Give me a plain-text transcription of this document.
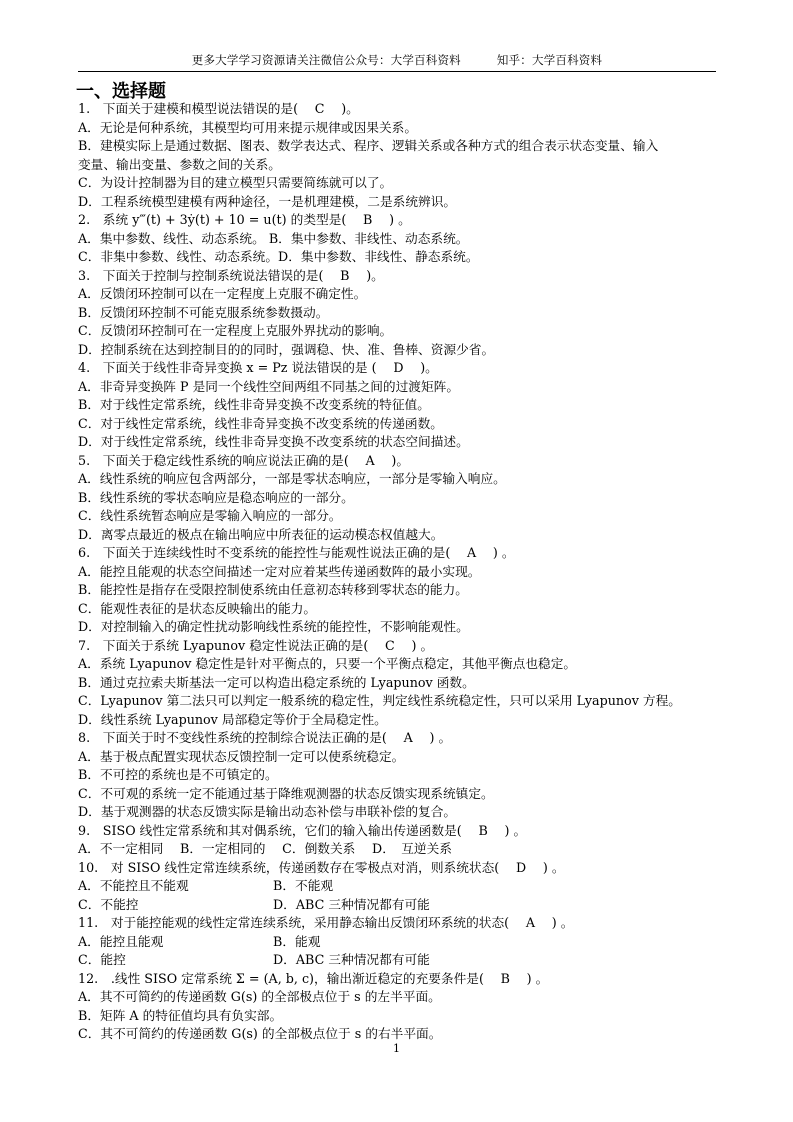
更多大学学习资源请关注微信公众号：大学百科资料	知乎：大学百科资料
一、选择题
1.　下面关于建模和模型说法错误的是(　 C　 )。
A．无论是何种系统，其模型均可用来提示规律或因果关系。
B．建模实际上是通过数据、图表、数学表达式、程序、逻辑关系或各种方式的组合表示状态变量、输入
变量、输出变量、参数之间的关系。
C．为设计控制器为目的建立模型只需要简练就可以了。
D．工程系统模型建模有两种途径，一是机理建模，二是系统辨识。
2.　系统 y‴(t) + 3ẏ(t) + 10 = u(t) 的类型是(　 B　 ) 。
A．集中参数、线性、动态系统。 B．集中参数、非线性、动态系统。
C．非集中参数、线性、动态系统。D．集中参数、非线性、静态系统。
3.　下面关于控制与控制系统说法错误的是(　 B　 )。
A．反馈闭环控制可以在一定程度上克服不确定性。
B．反馈闭环控制不可能克服系统参数摄动。
C．反馈闭环控制可在一定程度上克服外界扰动的影响。
D．控制系统在达到控制目的的同时，强调稳、快、准、鲁棒、资源少省。
4.　下面关于线性非奇异变换 x = Pz 说法错误的是 (　 D　 )。
A．非奇异变换阵 P 是同一个线性空间两组不同基之间的过渡矩阵。
B．对于线性定常系统，线性非奇异变换不改变系统的特征值。
C．对于线性定常系统，线性非奇异变换不改变系统的传递函数。
D．对于线性定常系统，线性非奇异变换不改变系统的状态空间描述。
5.　下面关于稳定线性系统的响应说法正确的是(　 A　 )。
A．线性系统的响应包含两部分，一部是零状态响应，一部分是零输入响应。
B．线性系统的零状态响应是稳态响应的一部分。
C．线性系统暂态响应是零输入响应的一部分。
D．离零点最近的极点在输出响应中所表征的运动模态权值越大。
6.　下面关于连续线性时不变系统的能控性与能观性说法正确的是(　 A　 ) 。
A．能控且能观的状态空间描述一定对应着某些传递函数阵的最小实现。
B．能控性是指存在受限控制使系统由任意初态转移到零状态的能力。
C．能观性表征的是状态反映输出的能力。
D．对控制输入的确定性扰动影响线性系统的能控性，不影响能观性。
7.　下面关于系统 Lyapunov 稳定性说法正确的是(　 C　 ) 。
A．系统 Lyapunov 稳定性是针对平衡点的，只要一个平衡点稳定，其他平衡点也稳定。
B．通过克拉索夫斯基法一定可以构造出稳定系统的 Lyapunov 函数。
C．Lyapunov 第二法只可以判定一般系统的稳定性，判定线性系统稳定性，只可以采用 Lyapunov 方程。
D．线性系统 Lyapunov 局部稳定等价于全局稳定性。
8.　下面关于时不变线性系统的控制综合说法正确的是(　 A　 ) 。
A．基于极点配置实现状态反馈控制一定可以使系统稳定。
B．不可控的系统也是不可镇定的。
C．不可观的系统一定不能通过基于降维观测器的状态反馈实现系统镇定。
D．基于观测器的状态反馈实际是输出动态补偿与串联补偿的复合。
9.　SISO 线性定常系统和其对偶系统，它们的输入输出传递函数是(　 B　 ) 。
A．不一定相同　 B．一定相同的　 C．倒数关系　 D．　互逆关系
10.　对 SISO 线性定常连续系统，传递函数存在零极点对消，则系统状态(　 D　 ) 。
A．不能控且不能观	B．不能观
C．不能控	D．ABC 三种情况都有可能
11.　对于能控能观的线性定常连续系统，采用静态输出反馈闭环系统的状态(　 A　 ) 。
A．能控且能观	B．能观
C．能控	D．ABC 三种情况都有可能
12.　.线性 SISO 定常系统 Σ = (A, b, c)，输出渐近稳定的充要条件是(　 B　 ) 。
A．其不可简约的传递函数 G(s) 的全部极点位于 s 的左半平面。
B．矩阵 A 的特征值均具有负实部。
C．其不可简约的传递函数 G(s) 的全部极点位于 s 的右半平面。
1
